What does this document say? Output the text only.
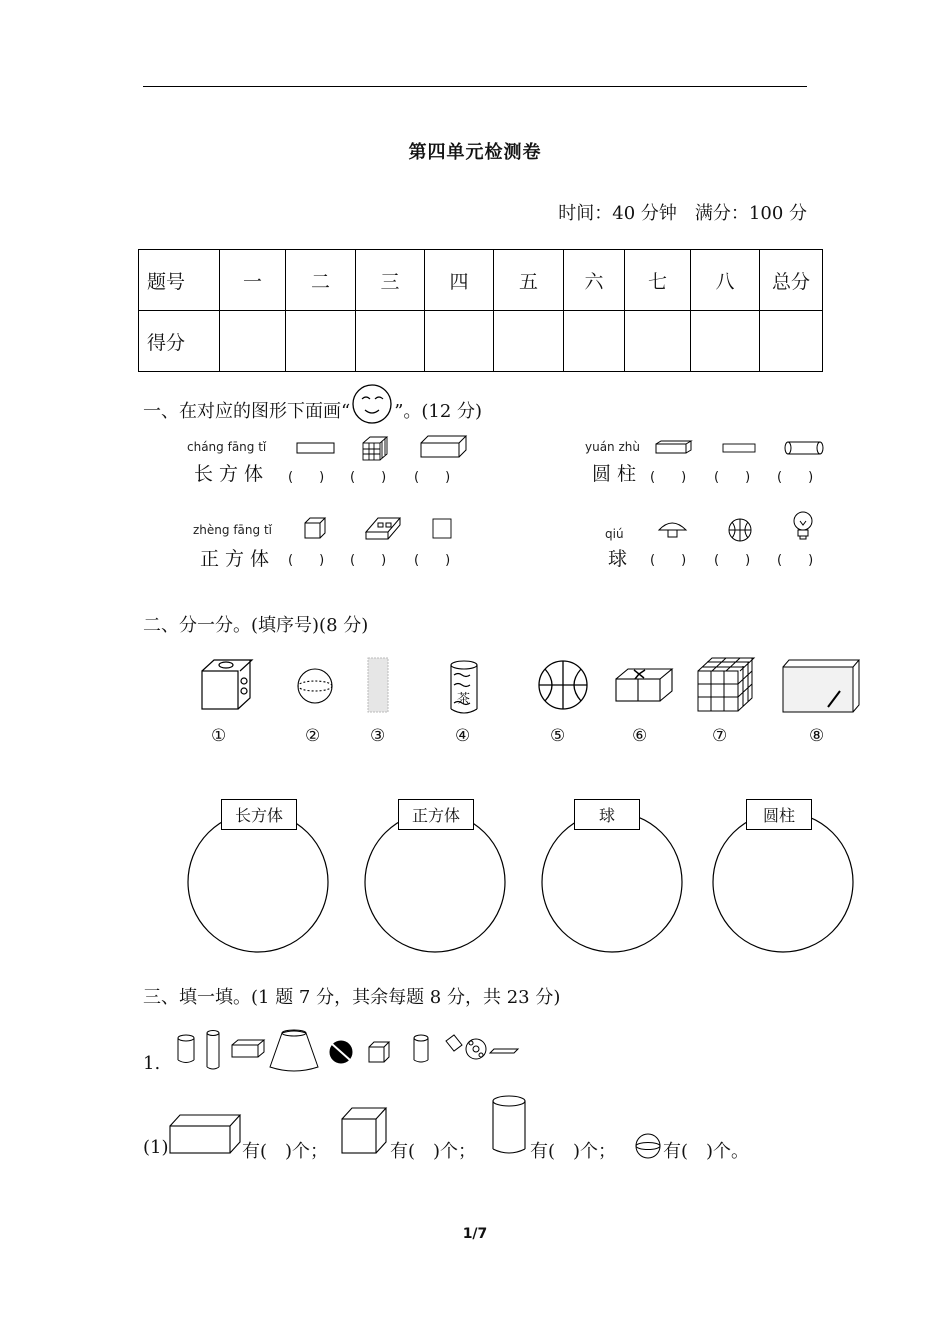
第四单元检测卷
时间：40 分钟　满分：100 分
题号	一	二	三	四	五	六	七	八	总分
得分									
一、在对应的图形下面画“ ”。(12 分)
cháng fāng tǐ
长方体 (　　) (　　) (　　)
yuán zhù
圆柱 (　　) (　　) (　　)
zhèng fāng tǐ
正方体 (　　) (　　) (　　)
qiú
球 (　　) (　　) (　　)
二、分一分。(填序号)(8 分)
茶
①	②	③	④	⑤	⑥	⑦	⑧
长方体	正方体	球	圆柱
三、填一填。(1 题 7 分，其余每题 8 分，共 23 分)
1.
(1)	有(　)个；	有(　)个；	有(　)个；	有(　)个。
1/7
